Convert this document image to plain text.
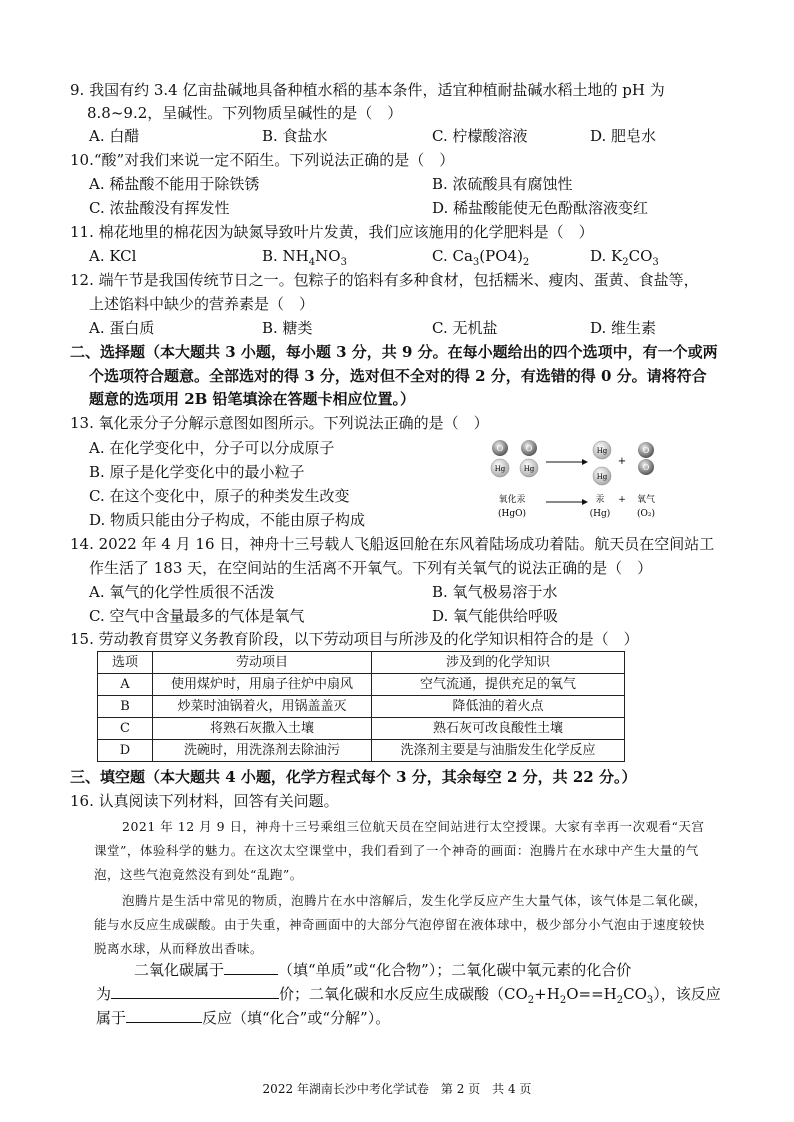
9. 我国有约 3.4 亿亩盐碱地具备种植水稻的基本条件，适宜种植耐盐碱水稻土地的 pH 为
8.8~9.2，呈碱性。下列物质呈碱性的是（　）
A. 白醋	B. 食盐水	C. 柠檬酸溶液	D. 肥皂水
10.“酸”对我们来说一定不陌生。下列说法正确的是（　）
A. 稀盐酸不能用于除铁锈	B. 浓硫酸具有腐蚀性
C. 浓盐酸没有挥发性	D. 稀盐酸能使无色酚酞溶液变红
11. 棉花地里的棉花因为缺氮导致叶片发黄，我们应该施用的化学肥料是（　）
A. KCl	B. $NH_4NO_3$	C. $Ca_3(PO4)_2$	D. $K_2CO_3$
12. 端午节是我国传统节日之一。包粽子的馅料有多种食材，包括糯米、瘦肉、蛋黄、食盐等，
上述馅料中缺少的营养素是（　）
A. 蛋白质	B. 糖类	C. 无机盐	D. 维生素
二、选择题（本大题共 3 小题，每小题 3 分，共 9 分。在每小题给出的四个选项中，有一个或两
个选项符合题意。全部选对的得 3 分，选对但不全对的得 2 分，有选错的得 0 分。请将符合
题意的选项用 2B 铅笔填涂在答题卡相应位置。）
13. 氧化汞分子分解示意图如图所示。下列说法正确的是（　）
A. 在化学变化中，分子可以分成原子
B. 原子是化学变化中的最小粒子
C. 在这个变化中，原子的种类发生改变
D. 物质只能由分子构成，不能由原子构成
O
Hg
O
Hg
Hg
Hg
+
O
O
氧化汞
(HgO)
汞
(Hg)
+ 氧气
(O₂)
14. 2022 年 4 月 16 日，神舟十三号载人飞船返回舱在东风着陆场成功着陆。航天员在空间站工
作生活了 183 天，在空间站的生活离不开氧气。下列有关氧气的说法正确的是（　）
A. 氧气的化学性质很不活泼	B. 氧气极易溶于水
C. 空气中含量最多的气体是氧气	D. 氧气能供给呼吸
15. 劳动教育贯穿义务教育阶段，以下劳动项目与所涉及的化学知识相符合的是（　）
选项	劳动项目	涉及到的化学知识
A	使用煤炉时，用扇子往炉中扇风	空气流通，提供充足的氧气
B	炒菜时油锅着火，用锅盖盖灭	降低油的着火点
C	将熟石灰撒入土壤	熟石灰可改良酸性土壤
D	洗碗时，用洗涤剂去除油污	洗涤剂主要是与油脂发生化学反应
三、填空题（本大题共 4 小题，化学方程式每个 3 分，其余每空 2 分，共 22 分。）
16. 认真阅读下列材料，回答有关问题。
2021 年 12 月 9 日，神舟十三号乘组三位航天员在空间站进行太空授课。大家有幸再一次观看“天宫课堂”，体验科学的魅力。在这次太空课堂中，我们看到了一个神奇的画面：泡腾片在水球中产生大量的气泡，这些气泡竟然没有到处“乱跑”。
泡腾片是生活中常见的物质，泡腾片在水中溶解后，发生化学反应产生大量气体，该气体是二氧化碳，能与水反应生成碳酸。由于失重，神奇画面中的大部分气泡停留在液体球中，极少部分小气泡由于速度较快脱离水球，从而释放出香味。
二氧化碳属于	（填“单质”或“化合物”）；二氧化碳中氧元素的化合价
为	价；二氧化碳和水反应生成碳酸$(CO_2+H_2O==H_2CO_3)$，该反应
属于	反应（填“化合”或“分解”）。
2022 年湖南长沙中考化学试卷　第 2 页　共 4 页
